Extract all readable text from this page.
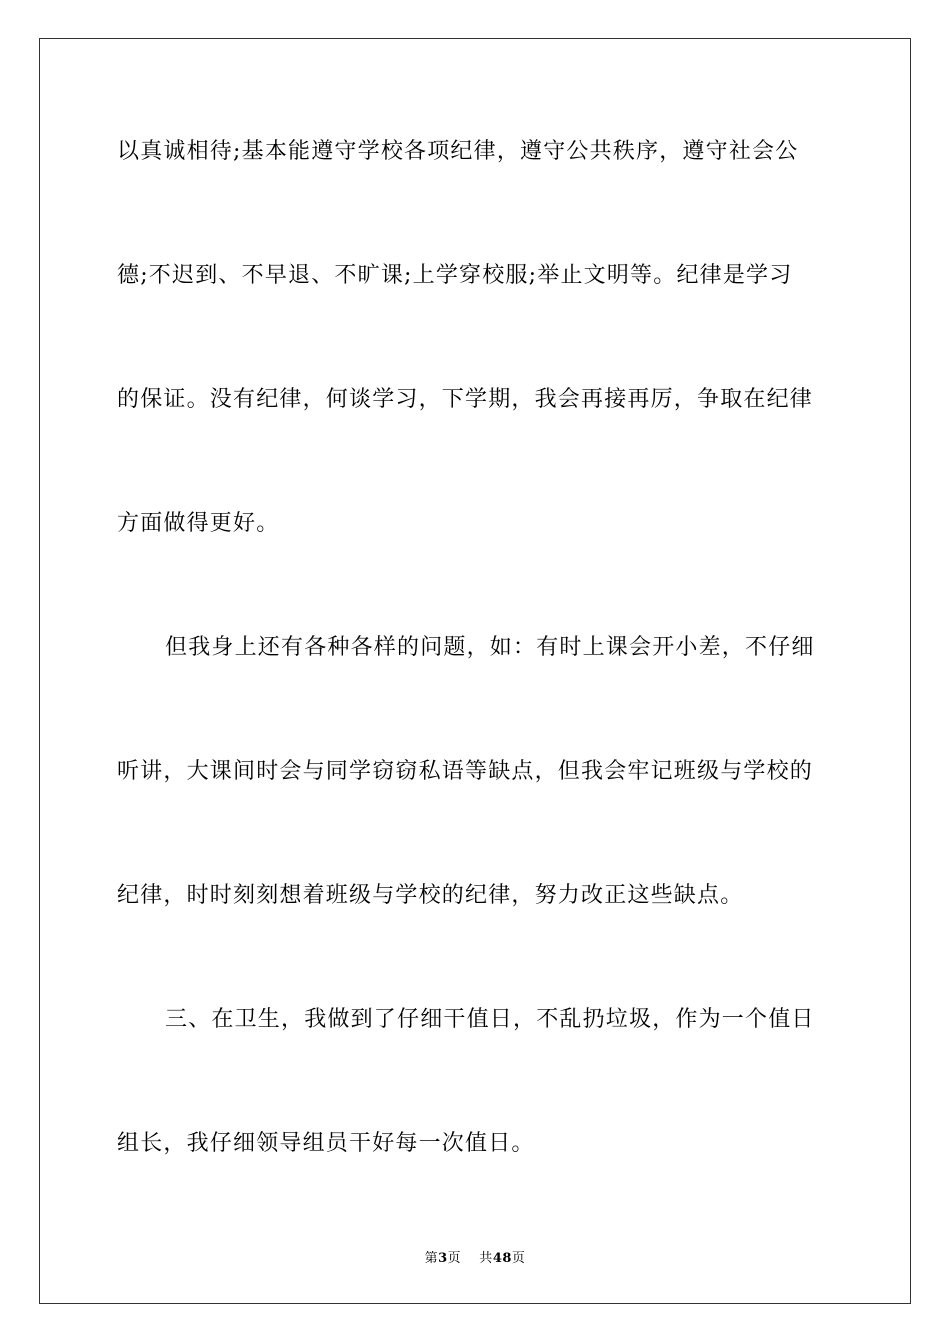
以真诚相待;基本能遵守学校各项纪律，遵守公共秩序，遵守社会公
德;不迟到、不早退、不旷课;上学穿校服;举止文明等。纪律是学习
的保证。没有纪律，何谈学习，下学期，我会再接再厉，争取在纪律
方面做得更好。
但我身上还有各种各样的问题，如：有时上课会开小差，不仔细
听讲，大课间时会与同学窃窃私语等缺点，但我会牢记班级与学校的
纪律，时时刻刻想着班级与学校的纪律，努力改正这些缺点。
三、在卫生，我做到了仔细干值日，不乱扔垃圾，作为一个值日
组长，我仔细领导组员干好每一次值日。
第3页   共48页
